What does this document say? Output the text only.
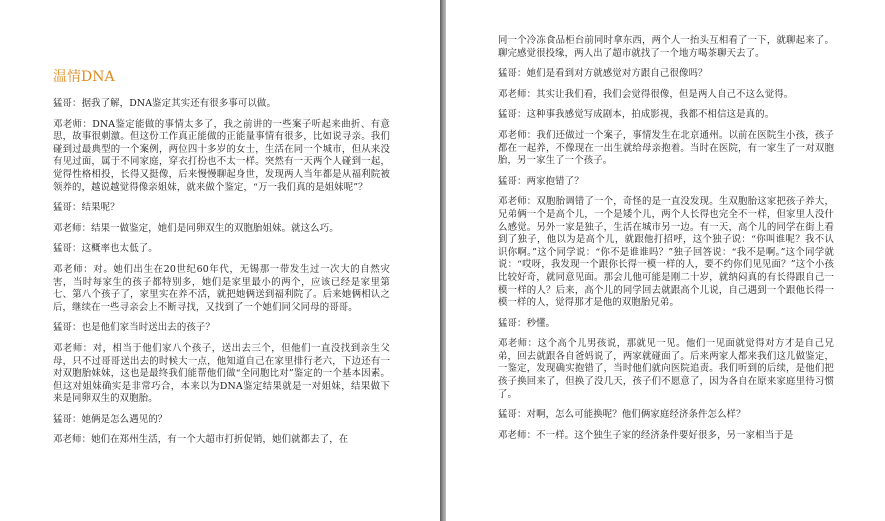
温情DNA

猛哥：据我了解，DNA鉴定其实还有很多事可以做。

邓老师：DNA鉴定能做的事情太多了，我之前讲的一些案子听起来曲折、有意思，故事很刺激。但这份工作真正能做的正能量事情有很多，比如说寻亲。我们碰到过最典型的一个案例，两位四十多岁的女士，生活在同一个城市，但从来没有见过面，属于不同家庭，穿衣打扮也不太一样。突然有一天两个人碰到一起，觉得性格相投，长得又挺像，后来慢慢聊起身世，发现两人当年都是从福利院被领养的，越说越觉得像亲姐妹，就来做个鉴定，“万一我们真的是姐妹呢”？

猛哥：结果呢？

邓老师：结果一做鉴定，她们是同卵双生的双胞胎姐妹。就这么巧。

猛哥：这概率也太低了。

邓老师：对。她们出生在20世纪60年代，无锡那一带发生过一次大的自然灾害，当时每家生的孩子都特别多，她们是家里最小的两个，应该已经是家里第七、第八个孩子了，家里实在养不活，就把她俩送到福利院了。后来她俩相认之后，继续在一些寻亲会上不断寻找，又找到了一个她们同父同母的哥哥。

猛哥：也是他们家当时送出去的孩子？

邓老师：对，相当于他们家八个孩子，送出去三个，但他们一直没找到亲生父母，只不过哥哥送出去的时候大一点，他知道自己在家里排行老六，下边还有一对双胞胎妹妹，这也是最终我们能帮他们做“全同胞比对”鉴定的一个基本因素。但这对姐妹确实是非常巧合，本来以为DNA鉴定结果就是一对姐妹，结果做下来是同卵双生的双胞胎。

猛哥：她俩是怎么遇见的？

邓老师：她们在郑州生活，有一个大超市打折促销，她们就都去了，在

同一个冷冻食品柜台前同时拿东西，两个人一抬头互相看了一下，就聊起来了。聊完感觉很投缘，两人出了超市就找了一个地方喝茶聊天去了。

猛哥：她们是看到对方就感觉对方跟自己很像吗？

邓老师：其实让我们看，我们会觉得很像，但是两人自己不这么觉得。

猛哥：这种事我感觉写成剧本，拍成影视，我都不相信这是真的。

邓老师：我们还做过一个案子，事情发生在北京通州。以前在医院生小孩，孩子都在一起养，不像现在一出生就给母亲抱着。当时在医院，有一家生了一对双胞胎，另一家生了一个孩子。

猛哥：两家抱错了？

邓老师：双胞胎调错了一个，奇怪的是一直没发现。生双胞胎这家把孩子养大，兄弟俩一个是高个儿，一个是矮个儿，两个人长得也完全不一样，但家里人没什么感觉。另外一家是独子，生活在城市另一边。有一天，高个儿的同学在街上看到了独子，他以为是高个儿，就跟他打招呼，这个独子说：“你叫谁呢？我不认识你啊。”这个同学说：“你不是谁谁吗？”独子回答说：“我不是啊。”这个同学就说：“哎呀，我发现一个跟你长得一模一样的人，要不约你们见见面？”这个小孩比较好奇，就同意见面。那会儿他可能是刚二十岁，就纳闷真的有长得跟自己一模一样的人？后来，高个儿的同学回去就跟高个儿说，自己遇到一个跟他长得一模一样的人，觉得那才是他的双胞胎兄弟。

猛哥：秒懂。

邓老师：这个高个儿男孩说，那就见一见。他们一见面就觉得对方才是自己兄弟，回去就跟各自爸妈说了，两家就碰面了。后来两家人都来我们这儿做鉴定，一鉴定，发现确实抱错了，当时他们就向医院追责。我们听到的后续，是他们把孩子换回来了，但换了没几天，孩子们不愿意了，因为各自在原来家庭里待习惯了。

猛哥：对啊，怎么可能换呢？他们俩家庭经济条件怎么样？

邓老师：不一样。这个独生子家的经济条件要好很多，另一家相当于是
